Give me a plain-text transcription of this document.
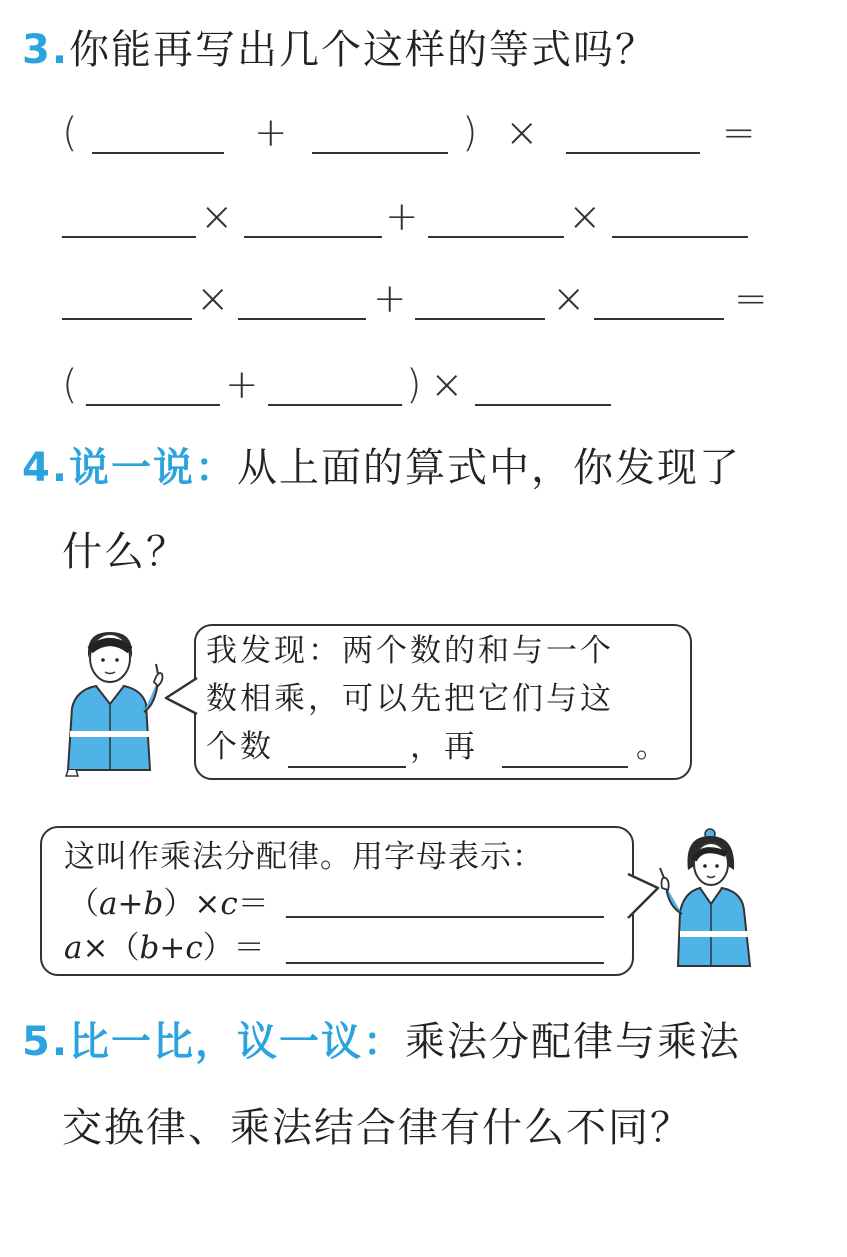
3.你能再写出几个这样的等式吗？
(	+	) ×	=
×	+	×
×	+	×	=
(	+	) ×
4.说一说：从上面的算式中，你发现了
什么？
我发现：两个数的和与一个
数相乘，可以先把它们与这
个数	，再	。
这叫作乘法分配律。用字母表示：
（a+b）×c＝
a×（b+c）＝
5.比一比，议一议：乘法分配律与乘法
交换律、乘法结合律有什么不同？
